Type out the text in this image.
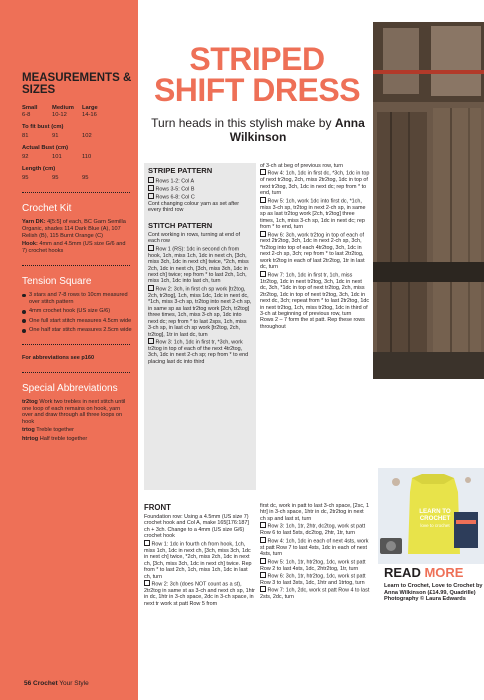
MEASUREMENTS & SIZES
Small	Medium	Large
6-8	10-12	14-16
To fit bust (cm)
81	91	102
Actual Bust (cm)
92	101	110
Length (cm)
95	95	95
Crochet Kit

Yarn DK: 4[5:5] of each, BC Garn Semilla Organic, shades 114 Dark Blue (A), 107 Relish (B), 115 Burnt Orange (C)

Hook: 4mm and 4.5mm (US size G/6 and 7) crochet hooks

Tension Square
3 stars and 7-8 rows to 10cm measured over stitch pattern
4mm crochet hook (US size G/6)
One full start stitch measures 4.5cm wide
One half star stitch measures 2.5cm wide
For abbreviations see p160
Special Abbreviations

tr2tog Work two trebles in next stitch until one loop of each remains on hook, yarn over and draw through all three loops on hook

trtog Treble together

htrtog Half treble together

56 Crochet Your Style
STRIPED
SHIFT DRESS
Turn heads in this stylish make by Anna Wilkinson
STRIPE PATTERN

Rows 1-2: Col A

Rows 3-5: Col B

Rows 6-8: Col C

Cont changing colour yarn as set after every third row

STITCH PATTERN

Cont working in rows, turning at end of each row

Row 1 (RS): 1dc in second ch from hook, 1ch, miss 1ch, 1dc in next ch, [3ch, miss 3ch, 1dc in next ch] twice, *2ch, miss 2ch, 1dc in next ch, [3ch, miss 3ch, 1dc in next ch] twice; rep from * to last 2ch, 1ch, miss 1ch, 1dc into last ch, turn

Row 2: 3ch, in first ch sp work [tr2tog, 2ch, tr2tog], 1ch, miss 1dc, 1dc in next dc, *1ch, miss 3-ch sp, tr2tog into next 2-ch sp, in same sp as last tr2tog work [2ch, tr2tog] three times, 1ch, miss 3-ch sp, 1dc into next dc; rep from * to last 2sps, 1ch, miss 3-ch sp, in last ch sp work [tr2tog, 2ch, tr2tog], 1tr in last dc, turn

Row 3: 1ch, 1dc in first tr, *3ch, work tr2tog in top of each of the next 4tr2tog, 3ch, 1dc in next 2-ch sp; rep from * to end placing last dc into third

of 3-ch at beg of previous row, turn

Row 4: 1ch, 1dc in first dc, *3ch, 1dc in top of next tr2tog, 2ch, miss 2tr2tog, 1dc in top of next tr2tog, 3ch, 1dc in next dc; rep from * to end, turn

Row 5: 1ch, work 1dc into first dc, *1ch, miss 3-ch sp, tr2tog in next 2-ch sp, in same sp as last tr2tog work [2ch, tr2tog] three times, 1ch, miss 3-ch sp, 1dc in next dc; rep from * to end, turn

Row 6: 3ch, work tr2tog in top of each of next 2tr2tog, 3ch, 1dc in next 2-ch sp, 3ch, *tr2tog into top of each 4tr2tog, 3ch, 1dc in next 2-ch sp, 3ch; rep from * to last 2tr2tog, work tr2tog in each of last 2tr2tog, 1tr in last dc, turn

Row 7: 1ch, 1dc in first tr, 1ch, miss 1tr2tog, 1dc in next tr2tog, 3ch, 1dc in next dc, 3ch, *1dc in top of next tr2tog, 2ch, miss 2tr2tog, 1dc in top of next tr2tog, 3ch, 1dc in next dc, 3ch; repeat from * to last 2tr2tog, 1dc in next tr2tog, 1ch, miss tr2tog, 1dc in third of 3-ch at beginning of previous row, turn

Rows 2 – 7 form the st patt. Rep these rows throughout

FRONT

Foundation row: Using a 4.5mm (US size 7) crochet hook and Col A, make 165[176:187] ch + 3ch. Change to a 4mm (US size G/6) crochet hook

Row 1: 1dc in fourth ch from hook, 1ch, miss 1ch, 1dc in next ch, [3ch, miss 3ch, 1dc in next ch] twice, *2ch, miss 2ch, 1dc in next ch, [3ch, miss 3ch, 1dc in next ch] twice. Rep from * to last 2ch, 1ch, miss 1ch, 1dc in last ch, turn

Row 2: 3ch (does NOT count as a st), 2tr2tog in same st as 3-ch and next ch sp, 1htr in dc, 1htr in 3-ch space, 2dc in 3-ch space, in next tr work st patt Row 5 from

first dc, work in patt to last 3-ch space, [2sc, 1 htr] in 3-ch space, 1htr in dc, 2tr2tog in next ch sp and last st, turn

Row 3: 1ch, 1tr, 2htr, dc2tog, work st patt Row 6 to last 5sts, dc2tog, 2htr, 1tr, turn

Row 4: 1ch, 1dc in each of next 4sts, work st patt Row 7 to last 4sts, 1dc in each of next 4sts, turn

Row 5: 1ch, 1tr, htr2tog, 1dc, work st patt Row 2 to last 4sts, 1dc, 2htr2tog, 1tr, turn

Row 6: 3ch, 1tr, htr2tog, 1dc, work st patt Row 3 to last 3sts, 1dc, 1htr and 1trtog, turn

Row 7: 1ch, 2dc, work st patt Row 4 to last 2sts, 2dc, turn

LEARN TO
CROCHET
love to crochet
READ MORE
Learn to Crochet, Love to Crochet by Anna Wilkinson (£14.99, Quadrille) Photography © Laura Edwards
